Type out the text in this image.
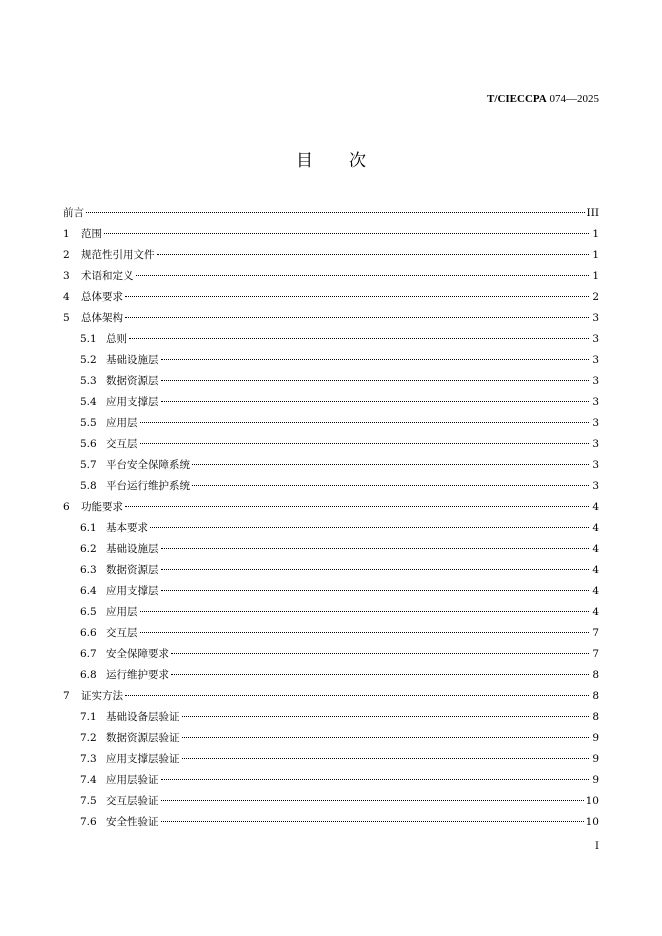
T/CIECCPA 074—2025
目 次
前言	III
1	范围	1
2	规范性引用文件	1
3	术语和定义	1
4	总体要求	2
5	总体架构	3
5.1 总则	3
5.2 基础设施层	3
5.3 数据资源层	3
5.4 应用支撑层	3
5.5 应用层	3
5.6 交互层	3
5.7 平台安全保障系统	3
5.8 平台运行维护系统	3
6	功能要求	4
6.1 基本要求	4
6.2 基础设施层	4
6.3 数据资源层	4
6.4 应用支撑层	4
6.5 应用层	4
6.6 交互层	7
6.7 安全保障要求	7
6.8 运行维护要求	8
7	证实方法	8
7.1 基础设备层验证	8
7.2 数据资源层验证	9
7.3 应用支撑层验证	9
7.4 应用层验证	9
7.5 交互层验证	10
7.6 安全性验证	10
I
